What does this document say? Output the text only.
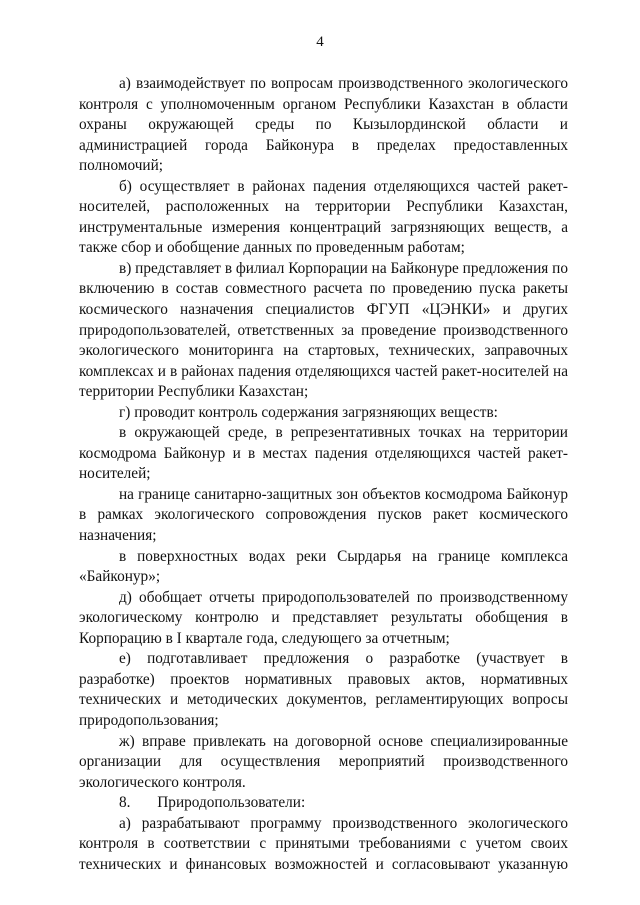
4

а) взаимодействует по вопросам производственного экологического контроля с уполномоченным органом Республики Казахстан в области охраны окружающей среды по Кызылординской области и администрацией города Байконура в пределах предоставленных полномочий;

б) осуществляет в районах падения отделяющихся частей ракет-носителей, расположенных на территории Республики Казахстан, инструментальные измерения концентраций загрязняющих веществ, а также сбор и обобщение данных по проведенным работам;

в) представляет в филиал Корпорации на Байконуре предложения по включению в состав совместного расчета по проведению пуска ракеты космического назначения специалистов ФГУП «ЦЭНКИ» и других природопользователей, ответственных за проведение производственного экологического мониторинга на стартовых, технических, заправочных комплексах и в районах падения отделяющихся частей ракет-носителей на территории Республики Казахстан;

г) проводит контроль содержания загрязняющих веществ:

в окружающей среде, в репрезентативных точках на территории космодрома Байконур и в местах падения отделяющихся частей ракет-носителей;

на границе санитарно-защитных зон объектов космодрома Байконур в рамках экологического сопровождения пусков ракет космического назначения;

в поверхностных водах реки Сырдарья на границе комплекса «Байконур»;

д) обобщает отчеты природопользователей по производственному экологическому контролю и представляет результаты обобщения в Корпорацию в I квартале года, следующего за отчетным;

е) подготавливает предложения о разработке (участвует в разработке) проектов нормативных правовых актов, нормативных технических и методических документов, регламентирующих вопросы природопользования;

ж) вправе привлекать на договорной основе специализированные организации для осуществления мероприятий производственного экологического контроля.

8.       Природопользователи:

а) разрабатывают программу производственного экологического контроля в соответствии с принятыми требованиями с учетом своих технических и финансовых возможностей и согласовывают указанную
